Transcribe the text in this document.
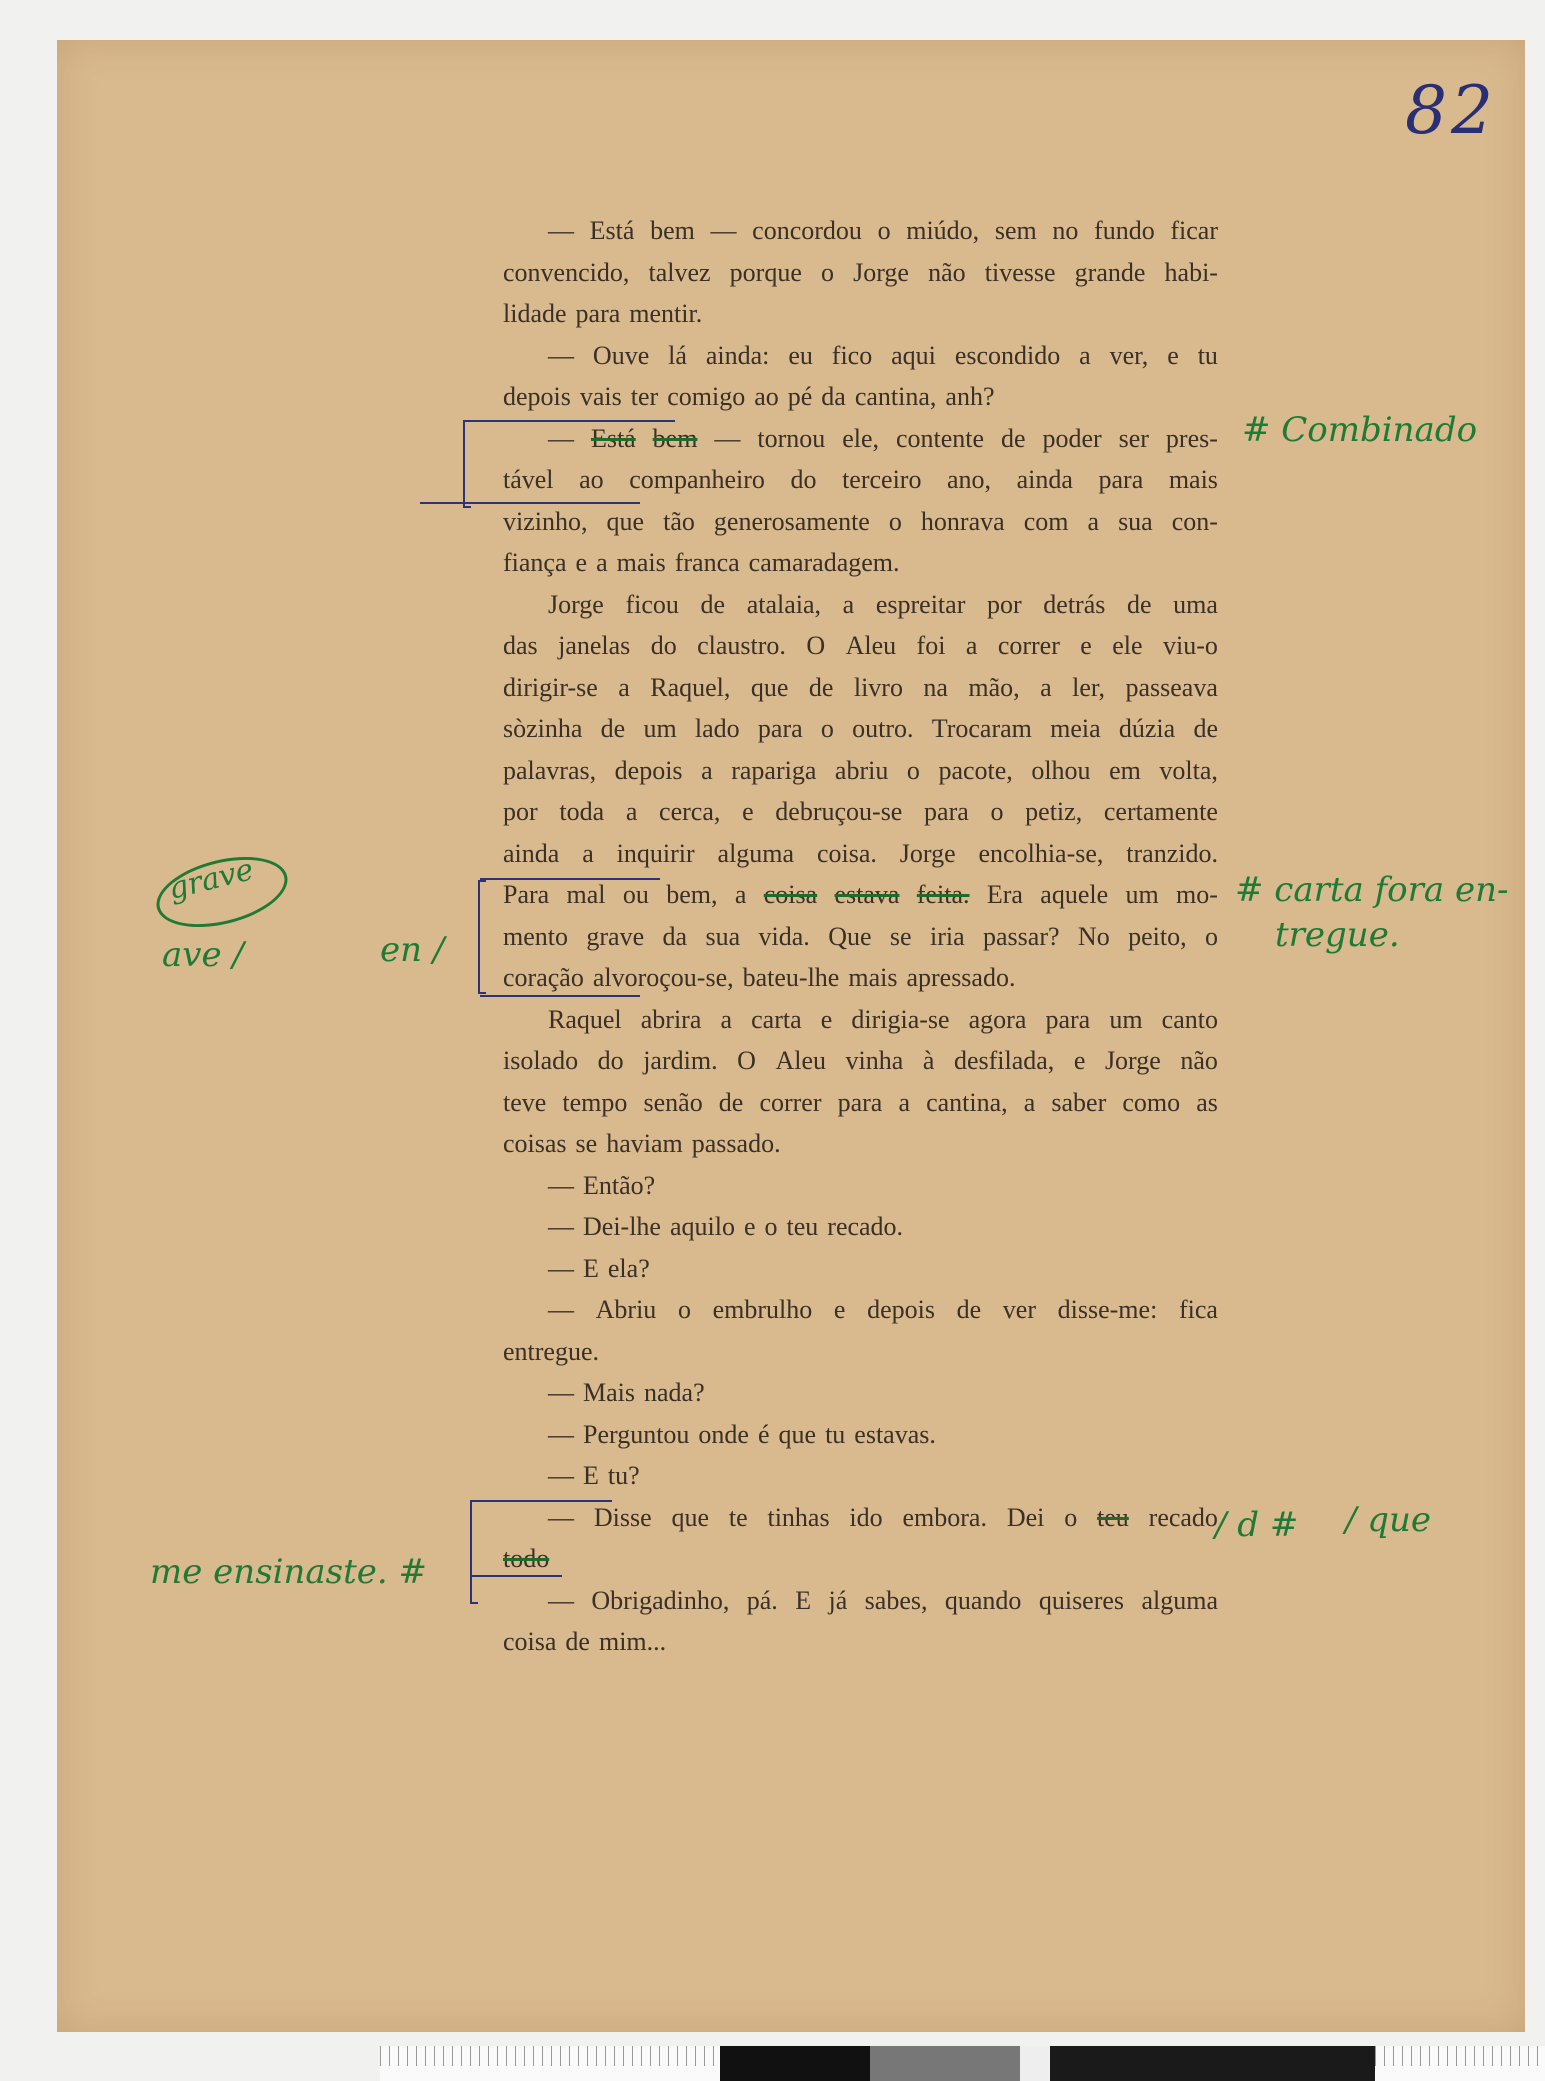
82
— Está bem — concordou o miúdo, sem no fundo ficar
convencido, talvez porque o Jorge não tivesse grande habi-
lidade para mentir.
— Ouve lá ainda: eu fico aqui escondido a ver, e tu
depois vais ter comigo ao pé da cantina, anh?
— Está bem — tornou ele, contente de poder ser pres-
tável ao companheiro do terceiro ano, ainda para mais
vizinho, que tão generosamente o honrava com a sua con-
fiança e a mais franca camaradagem.
Jorge ficou de atalaia, a espreitar por detrás de uma
das janelas do claustro. O Aleu foi a correr e ele viu-o
dirigir-se a Raquel, que de livro na mão, a ler, passeava
sòzinha de um lado para o outro. Trocaram meia dúzia de
palavras, depois a rapariga abriu o pacote, olhou em volta,
por toda a cerca, e debruçou-se para o petiz, certamente
ainda a inquirir alguma coisa. Jorge encolhia-se, tranzido.
Para mal ou bem, a coisa estava feita. Era aquele um mo-
mento grave da sua vida. Que se iria passar? No peito, o
coração alvoroçou-se, bateu-lhe mais apressado.
Raquel abrira a carta e dirigia-se agora para um canto
isolado do jardim. O Aleu vinha à desfilada, e Jorge não
teve tempo senão de correr para a cantina, a saber como as
coisas se haviam passado.
— Então?
— Dei-lhe aquilo e o teu recado.
— E ela?
— Abriu o embrulho e depois de ver disse-me: fica
entregue.
— Mais nada?
— Perguntou onde é que tu estavas.
— E tu?
— Disse que te tinhas ido embora. Dei o teu recado
todo
— Obrigadinho, pá. E já sabes, quando quiseres alguma
coisa de mim...
# Combinado
# carta fora en-
tregue.
grave
ave /	en /
me ensinaste. #
/ d # / que
